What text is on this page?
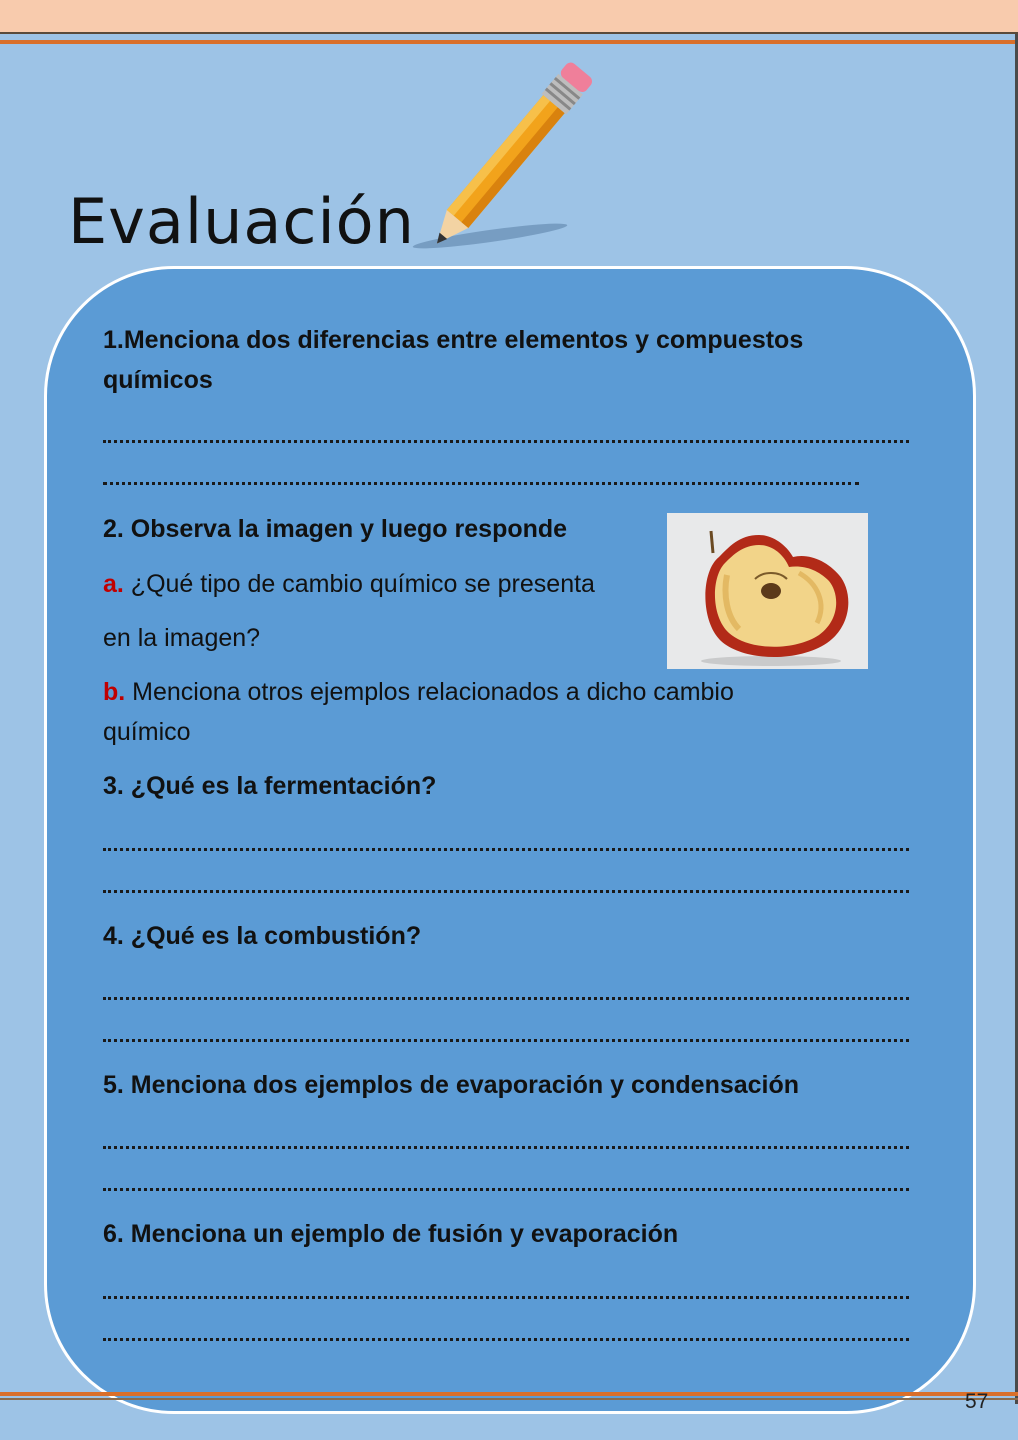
Evaluación

1.Menciona dos diferencias entre elementos y compuestos

químicos

2. Observa la imagen y luego responde

a. ¿Qué tipo de cambio químico se presenta

en la imagen?

b. Menciona otros ejemplos relacionados a dicho cambio

químico

3. ¿Qué es la fermentación?

4. ¿Qué es la combustión?

5. Menciona dos ejemplos de evaporación y condensación

6. Menciona un ejemplo de fusión y evaporación

57
